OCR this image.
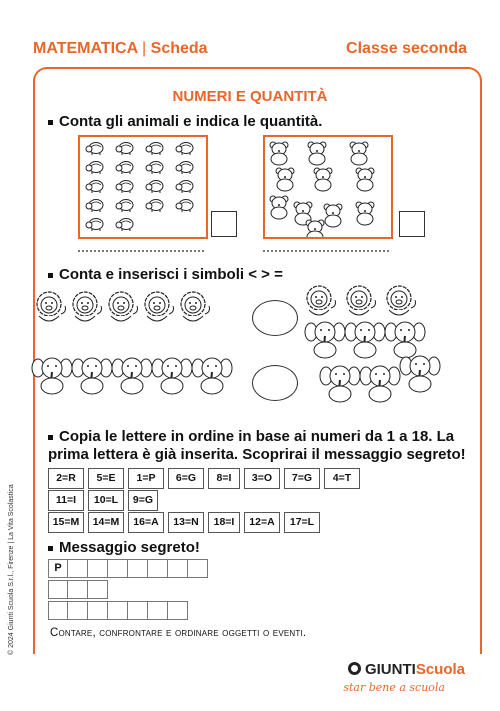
MATEMATICA | Scheda	Classe seconda
NUMERI E QUANTITÀ
Conta gli animali e indica le quantità.
Conta e inserisci i simboli < > =
Copia le lettere in ordine in base ai numeri da 1 a 18. La prima lettera è già inserita. Scoprirai il messaggio segreto!
2=R	5=E	1=P	6=G	8=I	3=O	7=G	4=T
11=I	10=L	9=G
15=M	14=M	16=A	13=N	18=I	12=A	17=L
Messaggio segreto!
P
Contare, confrontare e ordinare oggetti o eventi.
© 2024 Giunti Scuola S.r.l., Firenze | La Vita Scolastica
GIUNTIScuola
star bene a scuola
